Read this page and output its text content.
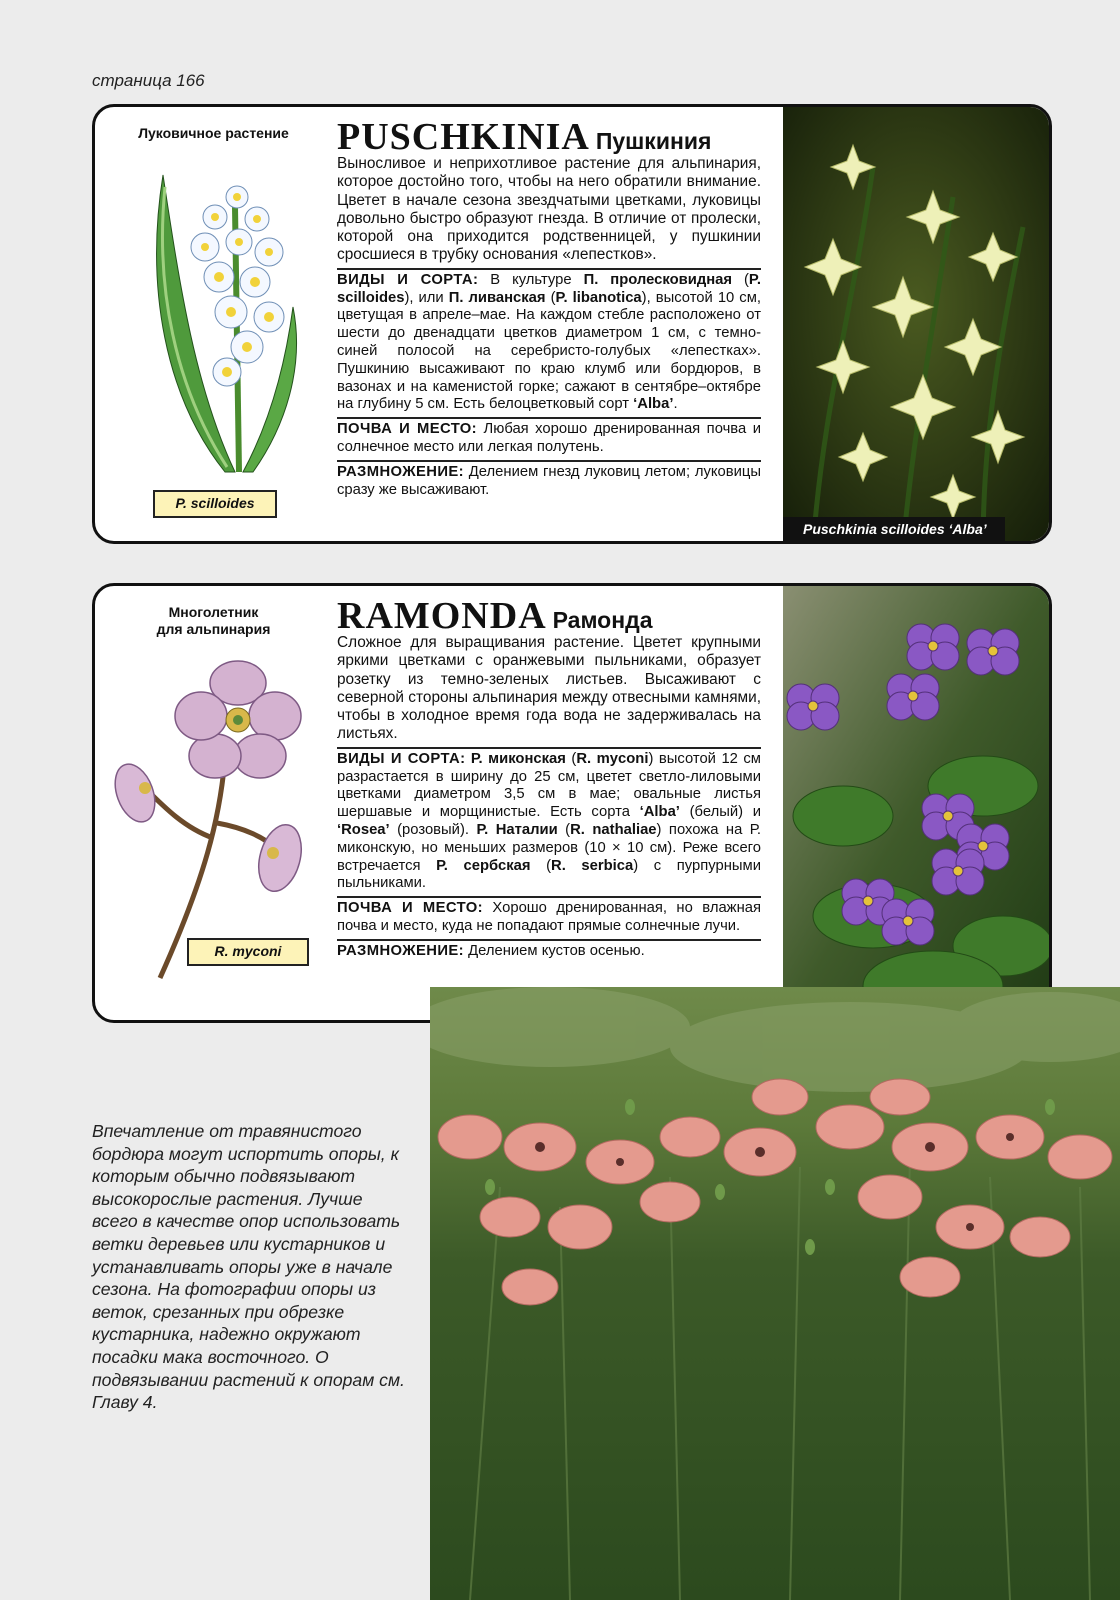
страница 166
Луковичное растение
P. scilloides
PUSCHKINIA Пушкиния

Выносливое и неприхотливое растение для альпинария, которое достойно того, чтобы на него обратили внимание. Цветет в начале сезона звездчатыми цветками, луковицы довольно быстро образуют гнезда. В отличие от пролески, которой она приходится родственницей, у пушкинии сросшиеся в трубку основания «лепестков».

ВИДЫ И СОРТА: В культуре П. пролесковидная (P. scilloides), или П. ливанская (P. libanotica), высотой 10 см, цветущая в апреле–мае. На каждом стебле расположено от шести до двенадцати цветков диаметром 1 см, с темно-синей полосой на серебристо-голубых «лепестках». Пушкинию высаживают по краю клумб или бордюров, в вазонах и на каменистой горке; сажают в сентябре–октябре на глубину 5 см. Есть белоцветковый сорт ‘Alba’.
ПОЧВА И МЕСТО: Любая хорошо дренированная почва и солнечное место или легкая полутень.
РАЗМНОЖЕНИЕ: Делением гнезд луковиц летом; луковицы сразу же высаживают.
Puschkinia scilloides ‘Alba’
Многолетник
для альпинария
R. myconi
RAMONDA Рамонда

Сложное для выращивания растение. Цветет крупными яркими цветками с оранжевыми пыльниками, образует розетку из темно-зеленых листьев. Высаживают с северной стороны альпинария между отвесными камнями, чтобы в холодное время года вода не задерживалась на листьях.

ВИДЫ И СОРТА: Р. миконская (R. myconi) высотой 12 см разрастается в ширину до 25 см, цветет светло-лиловыми цветками диаметром 3,5 см в мае; овальные листья шершавые и морщинистые. Есть сорта ‘Alba’ (белый) и ‘Rosea’ (розовый). Р. Наталии (R. nathaliae) похожа на Р. миконскую, но меньших размеров (10 × 10 см). Реже всего встречается Р. сербская (R. serbica) с пурпурными пыльниками.
ПОЧВА И МЕСТО: Хорошо дренированная, но влажная почва и место, куда не попадают прямые солнечные лучи.
РАЗМНОЖЕНИЕ: Делением кустов осенью.

Впечатление от травянистого бордюра могут испортить опоры, к которым обычно подвязывают высокорослые растения. Лучше всего в качестве опор использовать ветки деревьев или кустарников и устанавливать опоры уже в начале сезона. На фотографии опоры из веток, срезанных при обрезке кустарника, надежно окружают посадки мака восточного. О подвязывании растений к опорам см. Главу 4.
